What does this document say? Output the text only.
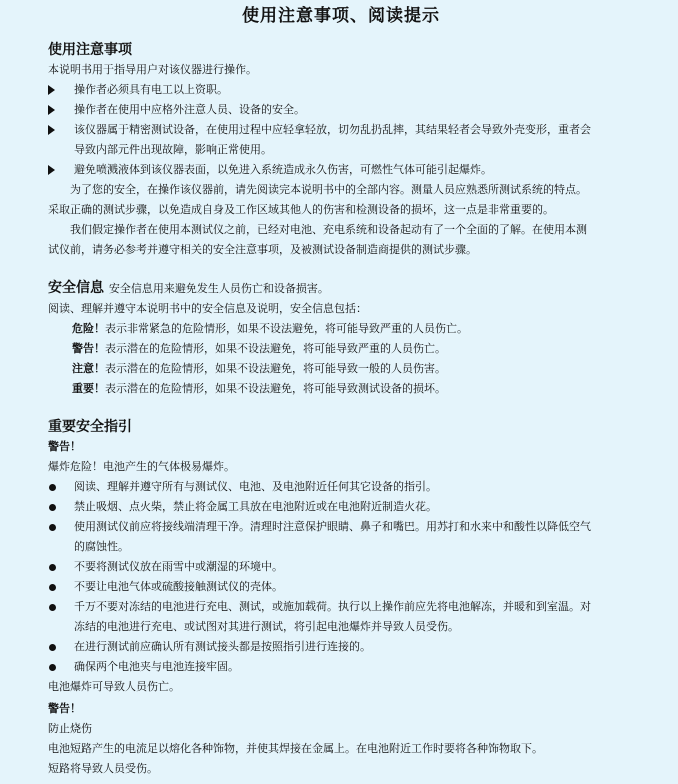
使用注意事项、阅读提示
使用注意事项
本说明书用于指导用户对该仪器进行操作。
操作者必须具有电工以上资职。
操作者在使用中应格外注意人员、设备的安全。
该仪器属于精密测试设备，在使用过程中应轻拿轻放，切勿乱扔乱摔，其结果轻者会导致外壳变形，重者会
导致内部元件出现故障，影响正常使用。
避免喷溅液体到该仪器表面，以免进入系统造成永久伤害，可燃性气体可能引起爆炸。
为了您的安全，在操作该仪器前，请先阅读完本说明书中的全部内容。测量人员应熟悉所测试系统的特点。
采取正确的测试步骤，以免造成自身及工作区域其他人的伤害和检测设备的损坏，这一点是非常重要的。
我们假定操作者在使用本测试仪之前，已经对电池、充电系统和设备起动有了一个全面的了解。在使用本测
试仪前，请务必参考并遵守相关的安全注意事项，及被测试设备制造商提供的测试步骤。
安全信息 安全信息用来避免发生人员伤亡和设备损害。
阅读、理解并遵守本说明书中的安全信息及说明，安全信息包括：
危险！表示非常紧急的危险情形，如果不设法避免，将可能导致严重的人员伤亡。
警告！表示潜在的危险情形，如果不设法避免，将可能导致严重的人员伤亡。
注意！表示潜在的危险情形，如果不设法避免，将可能导致一般的人员伤害。
重要！表示潜在的危险情形，如果不设法避免，将可能导致测试设备的损坏。
重要安全指引
警告！
爆炸危险！电池产生的气体极易爆炸。
阅读、理解并遵守所有与测试仪、电池、及电池附近任何其它设备的指引。
禁止吸烟、点火柴，禁止将金属工具放在电池附近或在电池附近制造火花。
使用测试仪前应将接线端清理干净。清理时注意保护眼睛、鼻子和嘴巴。用苏打和水来中和酸性以降低空气
的腐蚀性。
不要将测试仪放在雨雪中或潮湿的环境中。
不要让电池气体或硫酸接触测试仪的壳体。
千万不要对冻结的电池进行充电、测试，或施加载荷。执行以上操作前应先将电池解冻，并暖和到室温。对
冻结的电池进行充电、或试图对其进行测试，将引起电池爆炸并导致人员受伤。
在进行测试前应确认所有测试接头都是按照指引进行连接的。
确保两个电池夹与电池连接牢固。
电池爆炸可导致人员伤亡。
警告！
防止烧伤
电池短路产生的电流足以熔化各种饰物，并使其焊接在金属上。在电池附近工作时要将各种饰物取下。
短路将导致人员受伤。
